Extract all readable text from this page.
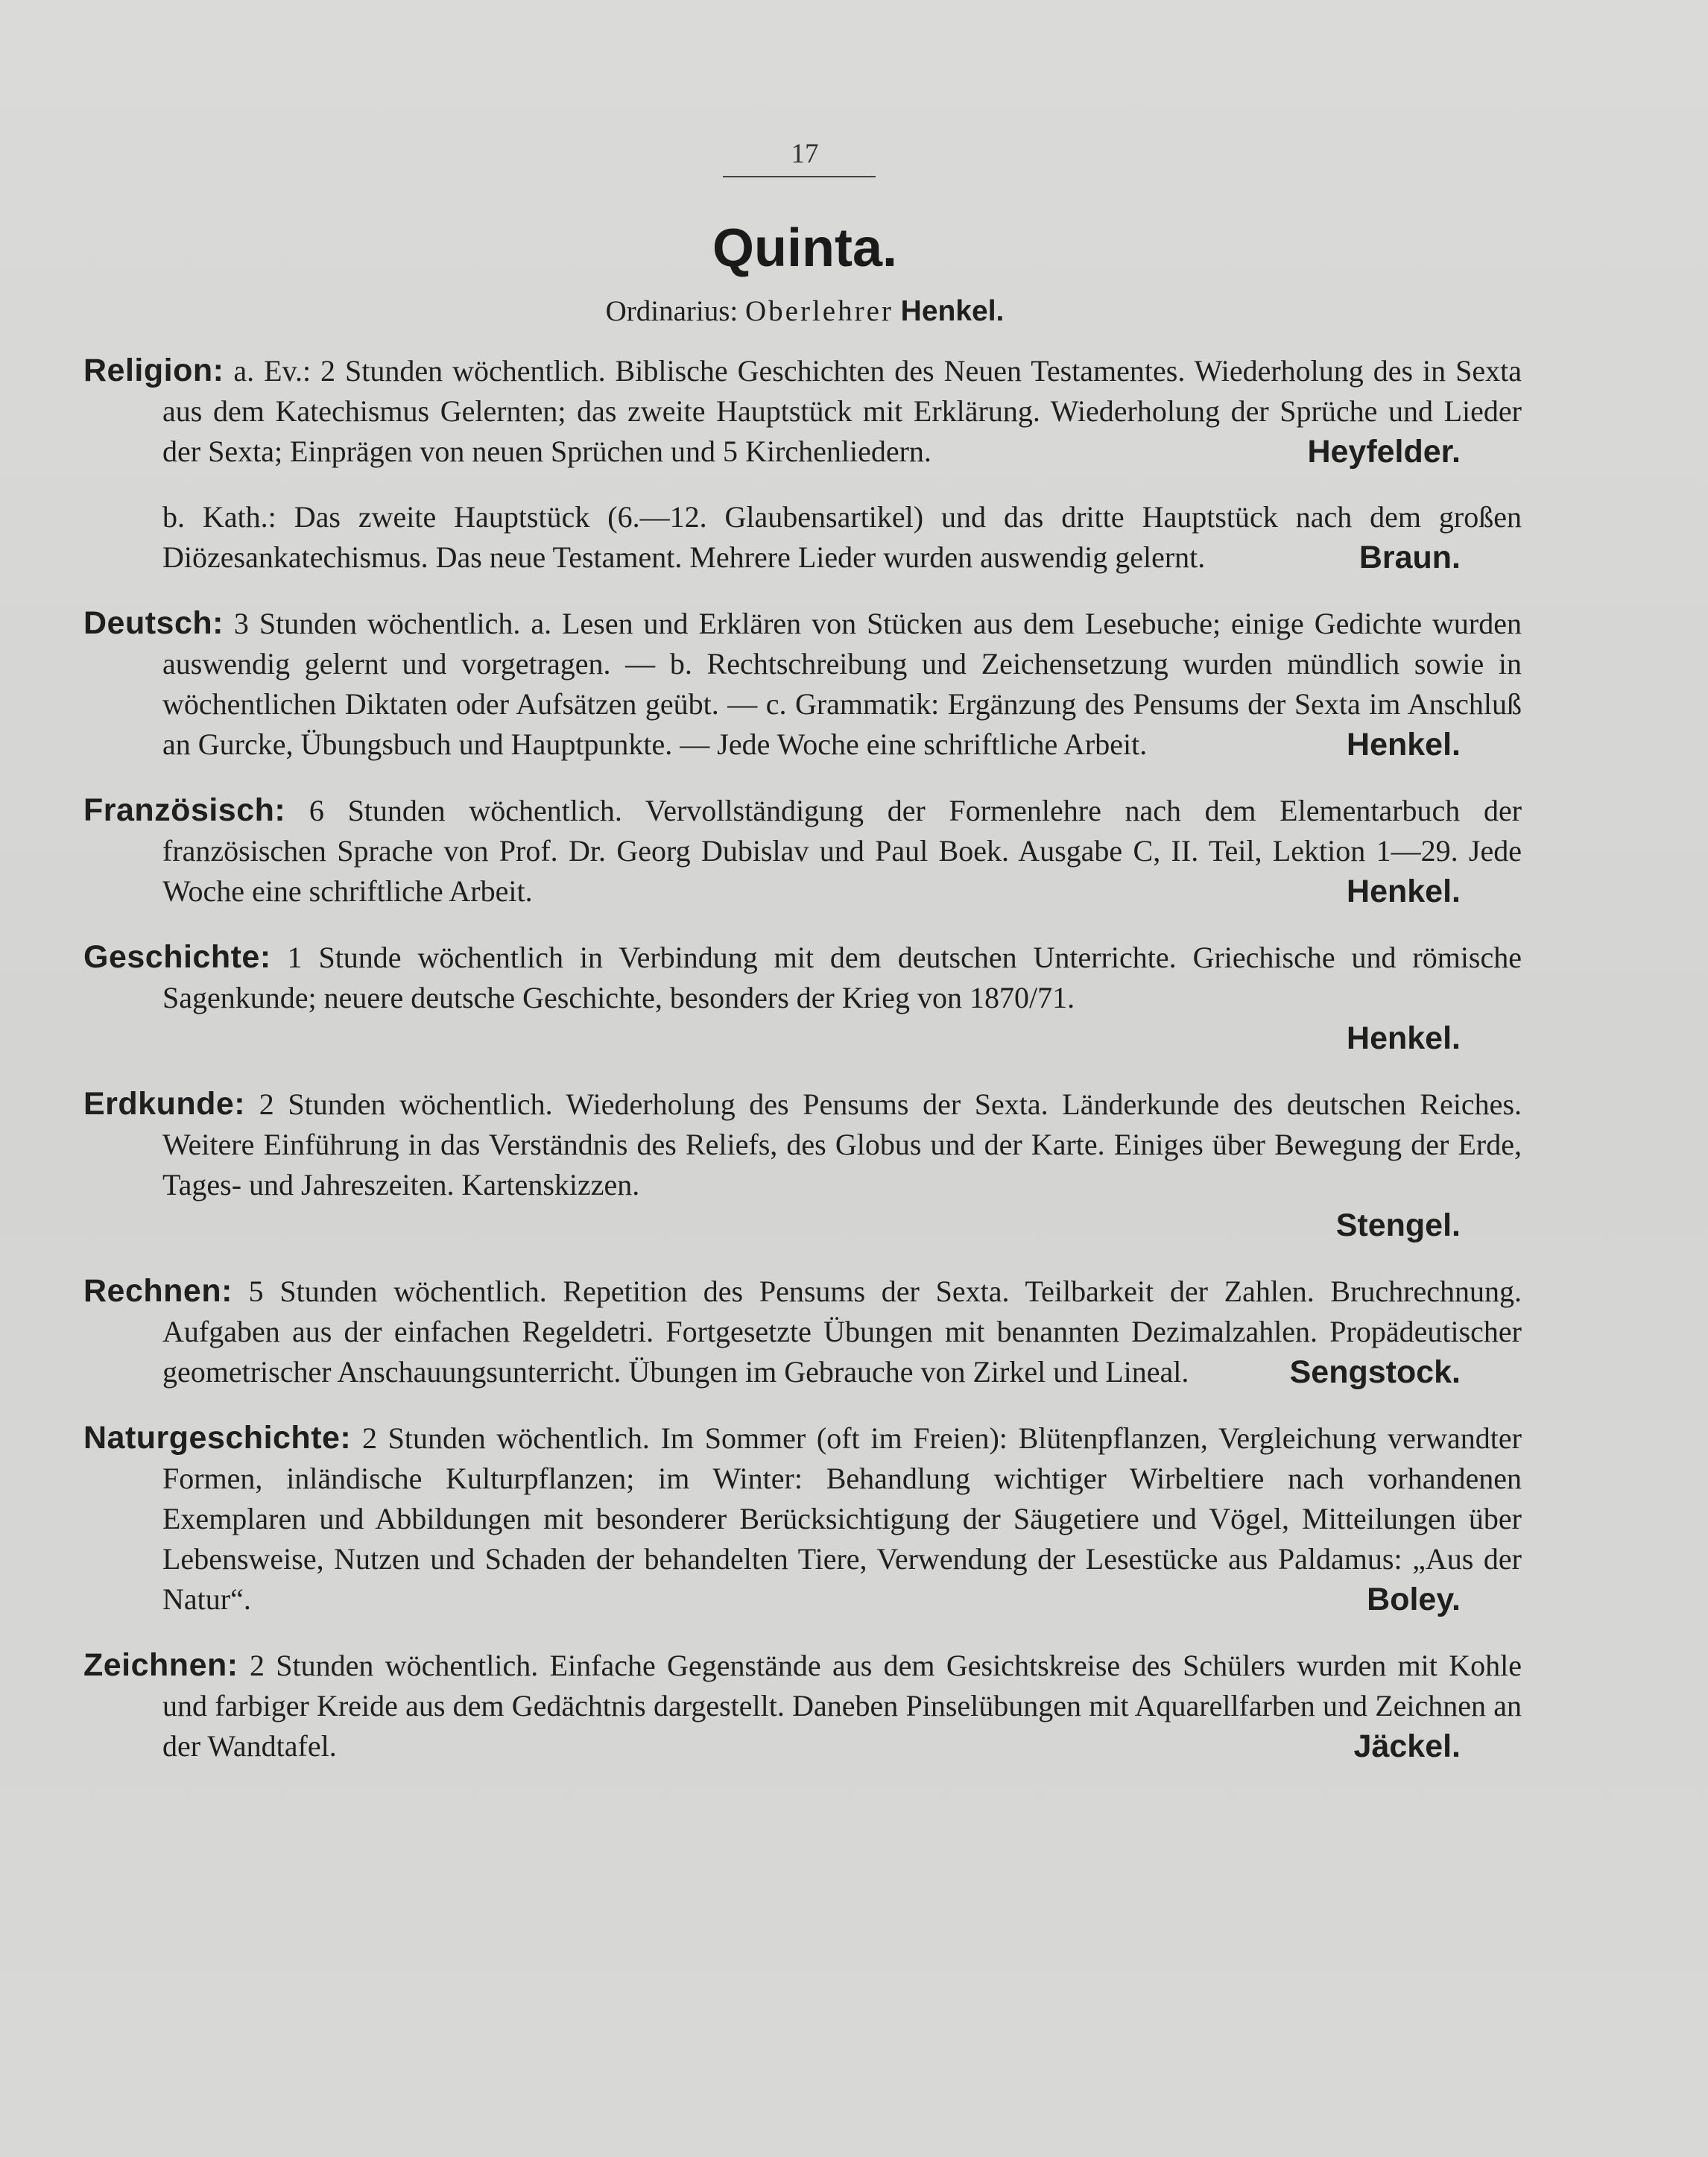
17
Quinta.
Ordinarius: Oberlehrer Henkel.
Religion: a. Ev.: 2 Stunden wöchentlich. Biblische Geschichten des Neuen Testamentes. Wiederholung des in Sexta aus dem Katechismus Gelernten; das zweite Hauptstück mit Erklärung. Wiederholung der Sprüche und Lieder der Sexta; Einprägen von neuen Sprüchen und 5 Kirchenliedern.	Heyfelder.
b. Kath.: Das zweite Hauptstück (6.—12. Glaubensartikel) und das dritte Hauptstück nach dem großen Diözesankatechismus. Das neue Testament. Mehrere Lieder wurden auswendig gelernt.	Braun.
Deutsch: 3 Stunden wöchentlich. a. Lesen und Erklären von Stücken aus dem Lesebuche; einige Gedichte wurden auswendig gelernt und vorgetragen. — b. Rechtschreibung und Zeichensetzung wurden mündlich sowie in wöchentlichen Diktaten oder Aufsätzen geübt. — c. Grammatik: Ergänzung des Pensums der Sexta im Anschluß an Gurcke, Übungsbuch und Hauptpunkte. — Jede Woche eine schriftliche Arbeit.	Henkel.
Französisch: 6 Stunden wöchentlich. Vervollständigung der Formenlehre nach dem Elementarbuch der französischen Sprache von Prof. Dr. Georg Dubislav und Paul Boek. Ausgabe C, II. Teil, Lektion 1—29. Jede Woche eine schriftliche Arbeit.	Henkel.
Geschichte: 1 Stunde wöchentlich in Verbindung mit dem deutschen Unterrichte. Griechische und römische Sagenkunde; neuere deutsche Geschichte, besonders der Krieg von 1870/71.
Henkel.
Erdkunde: 2 Stunden wöchentlich. Wiederholung des Pensums der Sexta. Länderkunde des deutschen Reiches. Weitere Einführung in das Verständnis des Reliefs, des Globus und der Karte. Einiges über Bewegung der Erde, Tages- und Jahreszeiten. Kartenskizzen.
Stengel.
Rechnen: 5 Stunden wöchentlich. Repetition des Pensums der Sexta. Teilbarkeit der Zahlen. Bruchrechnung. Aufgaben aus der einfachen Regeldetri. Fortgesetzte Übungen mit benannten Dezimalzahlen. Propädeutischer geometrischer Anschauungsunterricht. Übungen im Gebrauche von Zirkel und Lineal.	Sengstock.
Naturgeschichte: 2 Stunden wöchentlich. Im Sommer (oft im Freien): Blütenpflanzen, Vergleichung verwandter Formen, inländische Kulturpflanzen; im Winter: Behandlung wichtiger Wirbeltiere nach vorhandenen Exemplaren und Abbildungen mit besonderer Berücksichtigung der Säugetiere und Vögel, Mitteilungen über Lebensweise, Nutzen und Schaden der behandelten Tiere, Verwendung der Lesestücke aus Paldamus: „Aus der Natur“.	Boley.
Zeichnen: 2 Stunden wöchentlich. Einfache Gegenstände aus dem Gesichtskreise des Schülers wurden mit Kohle und farbiger Kreide aus dem Gedächtnis dargestellt. Daneben Pinselübungen mit Aquarellfarben und Zeichnen an der Wandtafel.	Jäckel.
